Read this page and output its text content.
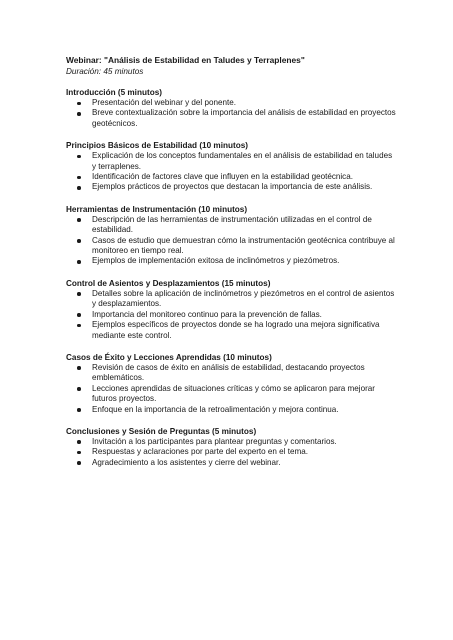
Webinar: "Análisis de Estabilidad en Taludes y Terraplenes"

Duración: 45 minutos

Introducción (5 minutos)

Presentación del webinar y del ponente.
Breve contextualización sobre la importancia del análisis de estabilidad en proyectos geotécnicos.

Principios Básicos de Estabilidad (10 minutos)

Explicación de los conceptos fundamentales en el análisis de estabilidad en taludes y terraplenes.
Identificación de factores clave que influyen en la estabilidad geotécnica.
Ejemplos prácticos de proyectos que destacan la importancia de este análisis.

Herramientas de Instrumentación (10 minutos)

Descripción de las herramientas de instrumentación utilizadas en el control de estabilidad.
Casos de estudio que demuestran cómo la instrumentación geotécnica contribuye al monitoreo en tiempo real.
Ejemplos de implementación exitosa de inclinómetros y piezómetros.

Control de Asientos y Desplazamientos (15 minutos)

Detalles sobre la aplicación de inclinómetros y piezómetros en el control de asientos y desplazamientos.
Importancia del monitoreo continuo para la prevención de fallas.
Ejemplos específicos de proyectos donde se ha logrado una mejora significativa mediante este control.

Casos de Éxito y Lecciones Aprendidas (10 minutos)

Revisión de casos de éxito en análisis de estabilidad, destacando proyectos emblemáticos.
Lecciones aprendidas de situaciones críticas y cómo se aplicaron para mejorar futuros proyectos.
Enfoque en la importancia de la retroalimentación y mejora continua.

Conclusiones y Sesión de Preguntas (5 minutos)

Invitación a los participantes para plantear preguntas y comentarios.
Respuestas y aclaraciones por parte del experto en el tema.
Agradecimiento a los asistentes y cierre del webinar.
